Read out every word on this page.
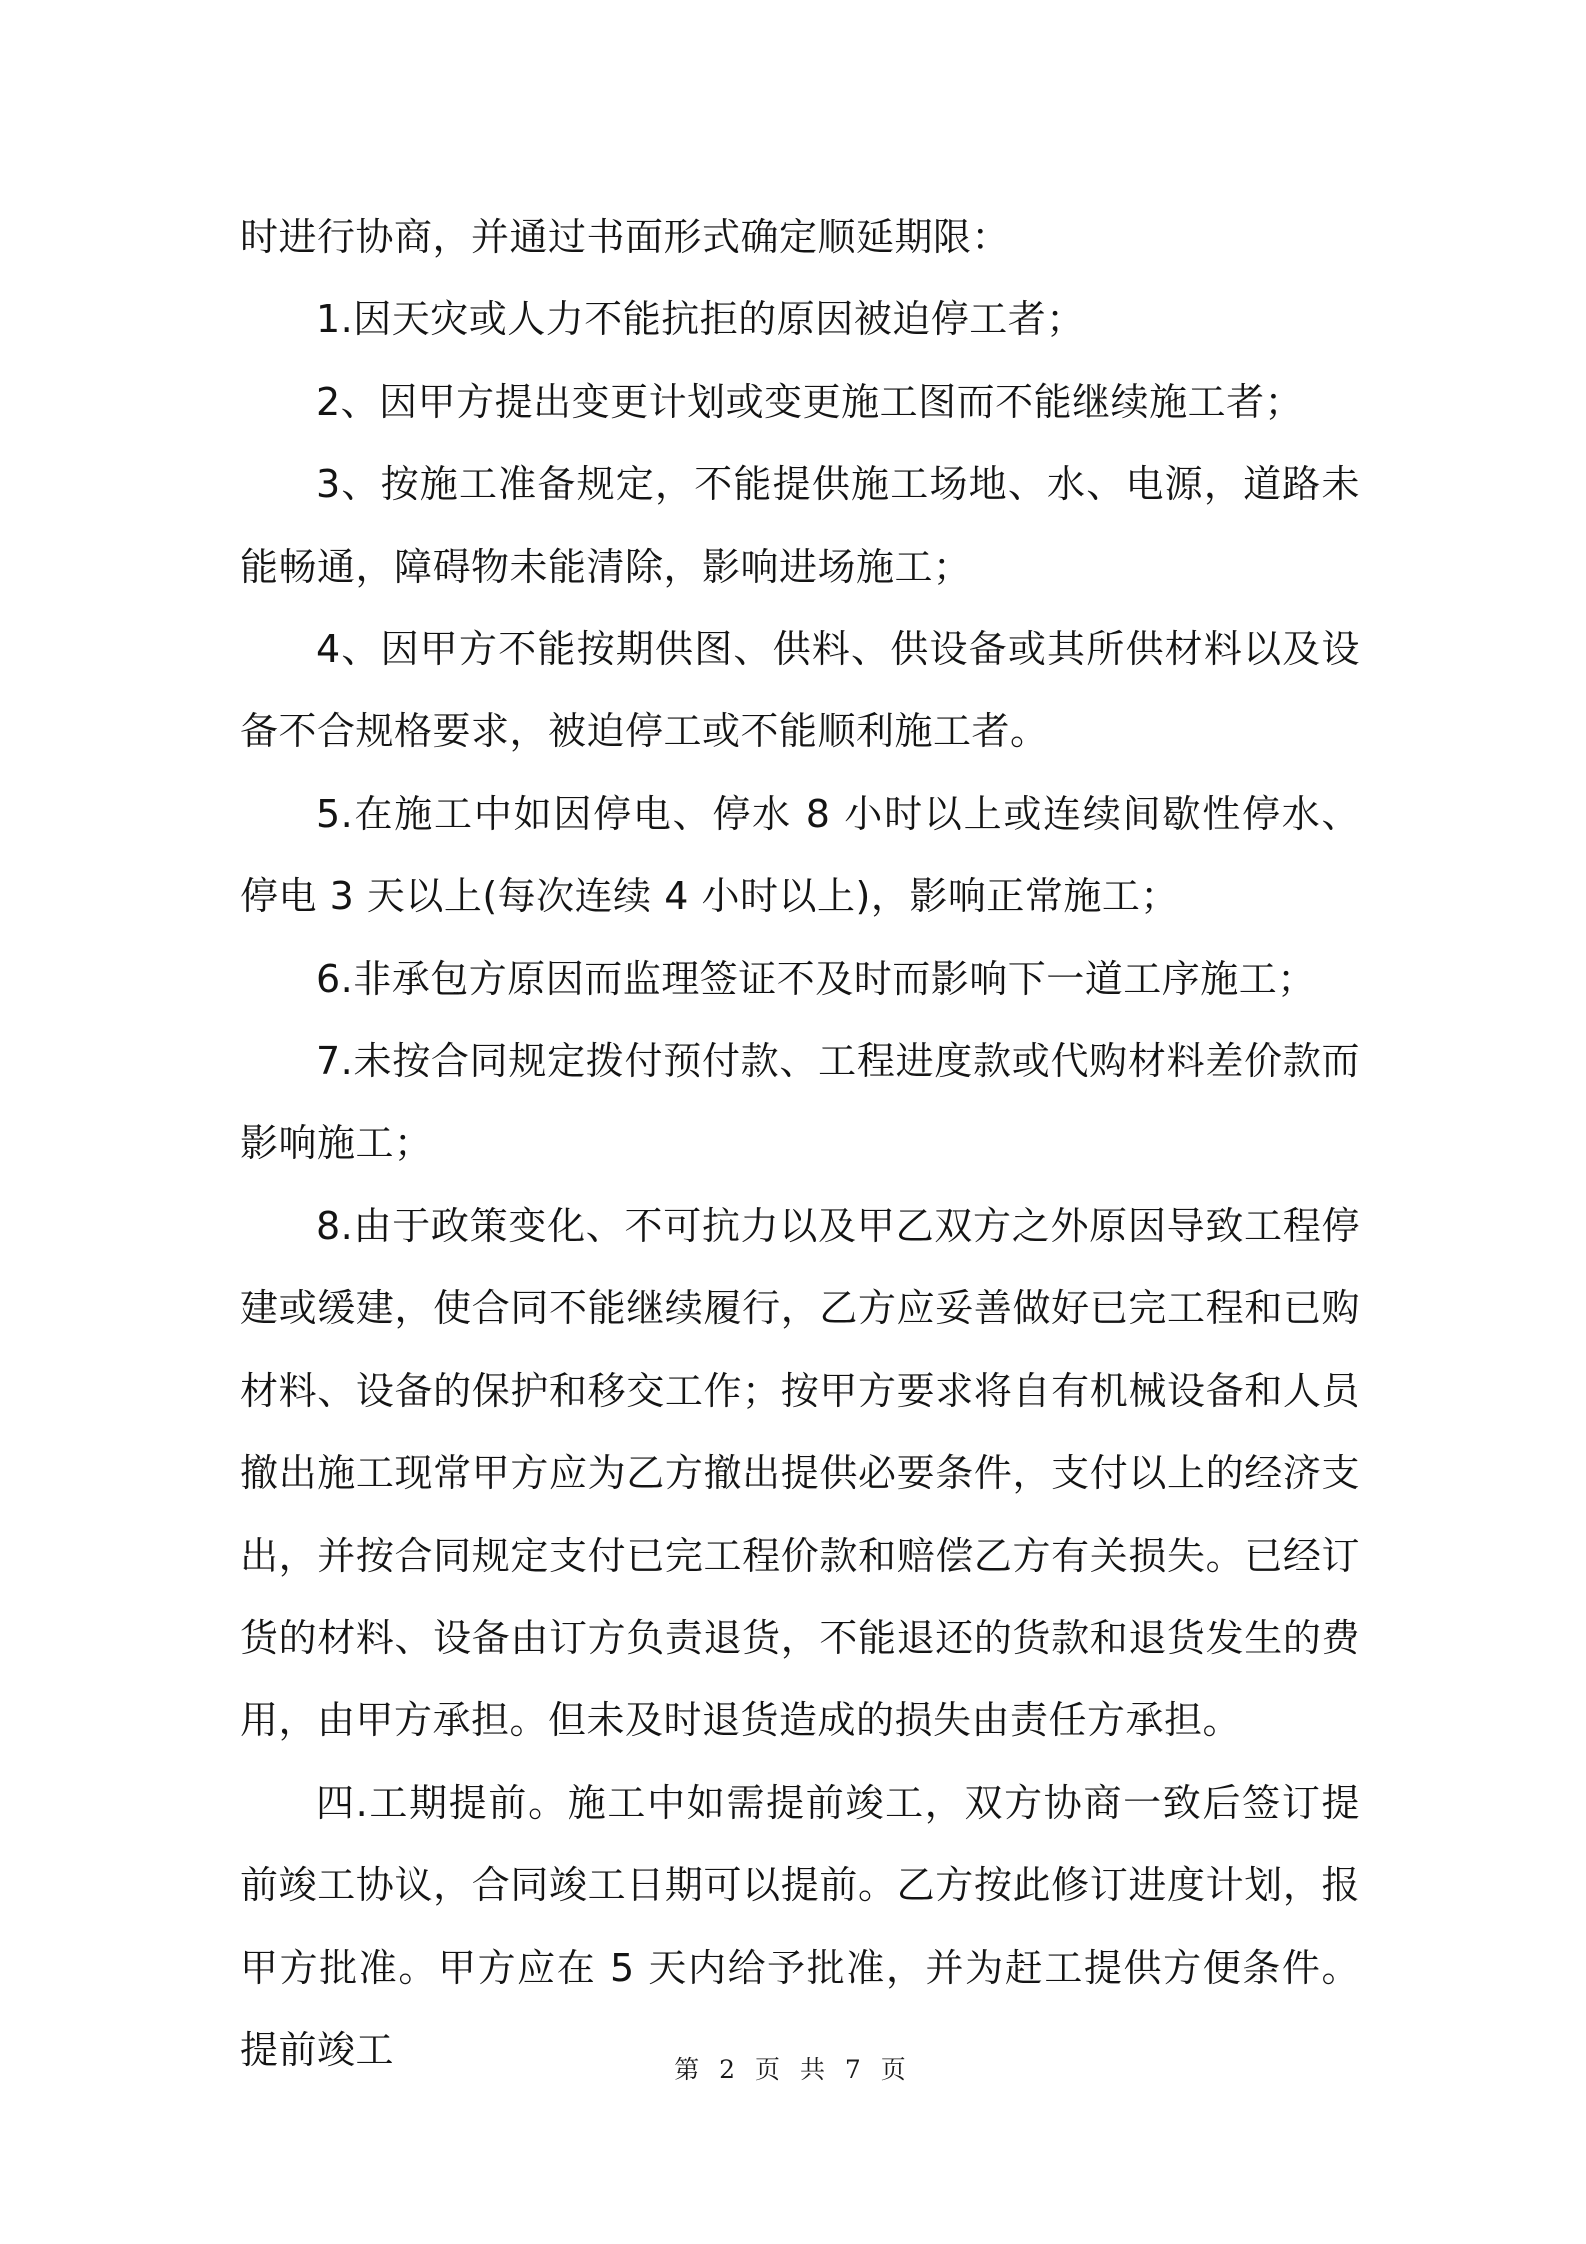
时进行协商，并通过书面形式确定顺延期限：

1.因天灾或人力不能抗拒的原因被迫停工者；

2、因甲方提出变更计划或变更施工图而不能继续施工者；

3、按施工准备规定，不能提供施工场地、水、电源，道路未能畅通，障碍物未能清除，影响进场施工；

4、因甲方不能按期供图、供料、供设备或其所供材料以及设备不合规格要求，被迫停工或不能顺利施工者。

5.在施工中如因停电、停水 8 小时以上或连续间歇性停水、停电 3 天以上(每次连续 4 小时以上)，影响正常施工；

6.非承包方原因而监理签证不及时而影响下一道工序施工；

7.未按合同规定拨付预付款、工程进度款或代购材料差价款而影响施工；

8.由于政策变化、不可抗力以及甲乙双方之外原因导致工程停建或缓建，使合同不能继续履行，乙方应妥善做好已完工程和已购材料、设备的保护和移交工作；按甲方要求将自有机械设备和人员撤出施工现常甲方应为乙方撤出提供必要条件，支付以上的经济支出，并按合同规定支付已完工程价款和赔偿乙方有关损失。已经订货的材料、设备由订方负责退货，不能退还的货款和退货发生的费用，由甲方承担。但未及时退货造成的损失由责任方承担。

四.工期提前。施工中如需提前竣工，双方协商一致后签订提前竣工协议，合同竣工日期可以提前。乙方按此修订进度计划，报甲方批准。甲方应在 5 天内给予批准，并为赶工提供方便条件。提前竣工	第 2 页 共 7 页
